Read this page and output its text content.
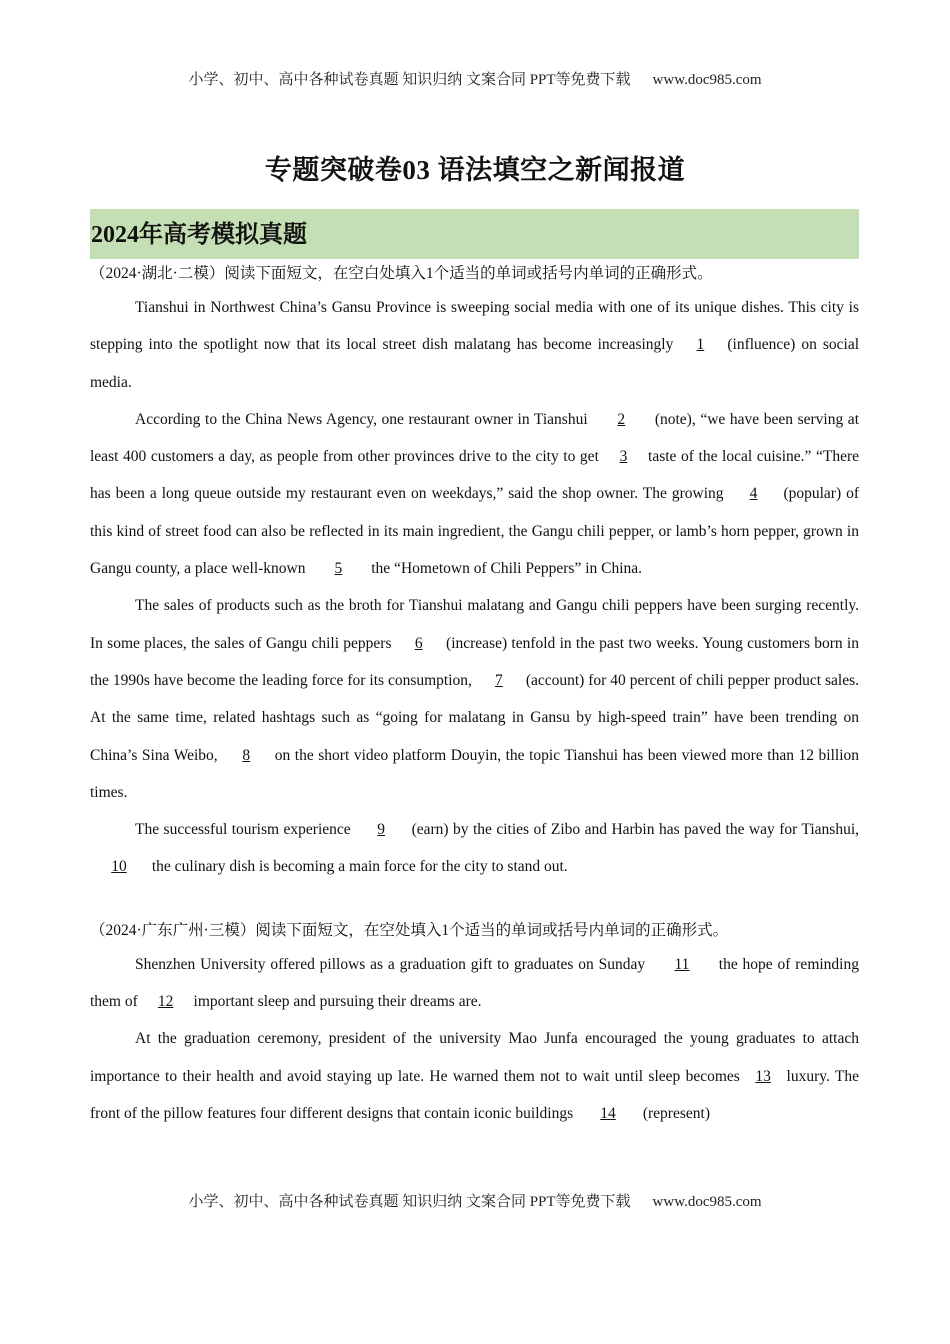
小学、初中、高中各种试卷真题 知识归纳 文案合同 PPT等免费下载 www.doc985.com
专题突破卷03 语法填空之新闻报道
2024年高考模拟真题

（2024·湖北·二模）阅读下面短文，在空白处填入1个适当的单词或括号内单词的正确形式。

Tianshui in Northwest China’s Gansu Province is sweeping social media with one of its unique dishes. This city is stepping into the spotlight now that its local street dish malatang has become increasingly 1 (influence) on social media.

According to the China News Agency, one restaurant owner in Tianshui 2 (note), “we have been serving at least 400 customers a day, as people from other provinces drive to the city to get 3 taste of the local cuisine.” “There has been a long queue outside my restaurant even on weekdays,” said the shop owner. The growing 4 (popular) of this kind of street food can also be reflected in its main ingredient, the Gangu chili pepper, or lamb’s horn pepper, grown in Gangu county, a place well-known 5 the “Hometown of Chili Peppers” in China.

The sales of products such as the broth for Tianshui malatang and Gangu chili peppers have been surging recently. In some places, the sales of Gangu chili peppers 6 (increase) tenfold in the past two weeks. Young customers born in the 1990s have become the leading force for its consumption, 7 (account) for 40 percent of chili pepper product sales. At the same time, related hashtags such as “going for malatang in Gansu by high-speed train” have been trending on China’s Sina Weibo, 8 on the short video platform Douyin, the topic Tianshui has been viewed more than 12 billion times.

The successful tourism experience 9 (earn) by the cities of Zibo and Harbin has paved the way for Tianshui, 10 the culinary dish is becoming a main force for the city to stand out.

（2024·广东广州·三模）阅读下面短文，在空处填入1个适当的单词或括号内单词的正确形式。

Shenzhen University offered pillows as a graduation gift to graduates on Sunday 11 the hope of reminding them of 12 important sleep and pursuing their dreams are.

At the graduation ceremony, president of the university Mao Junfa encouraged the young graduates to attach importance to their health and avoid staying up late. He warned them not to wait until sleep becomes 13 luxury. The front of the pillow features four different designs that contain iconic buildings 14 (represent)

小学、初中、高中各种试卷真题 知识归纳 文案合同 PPT等免费下载 www.doc985.com
